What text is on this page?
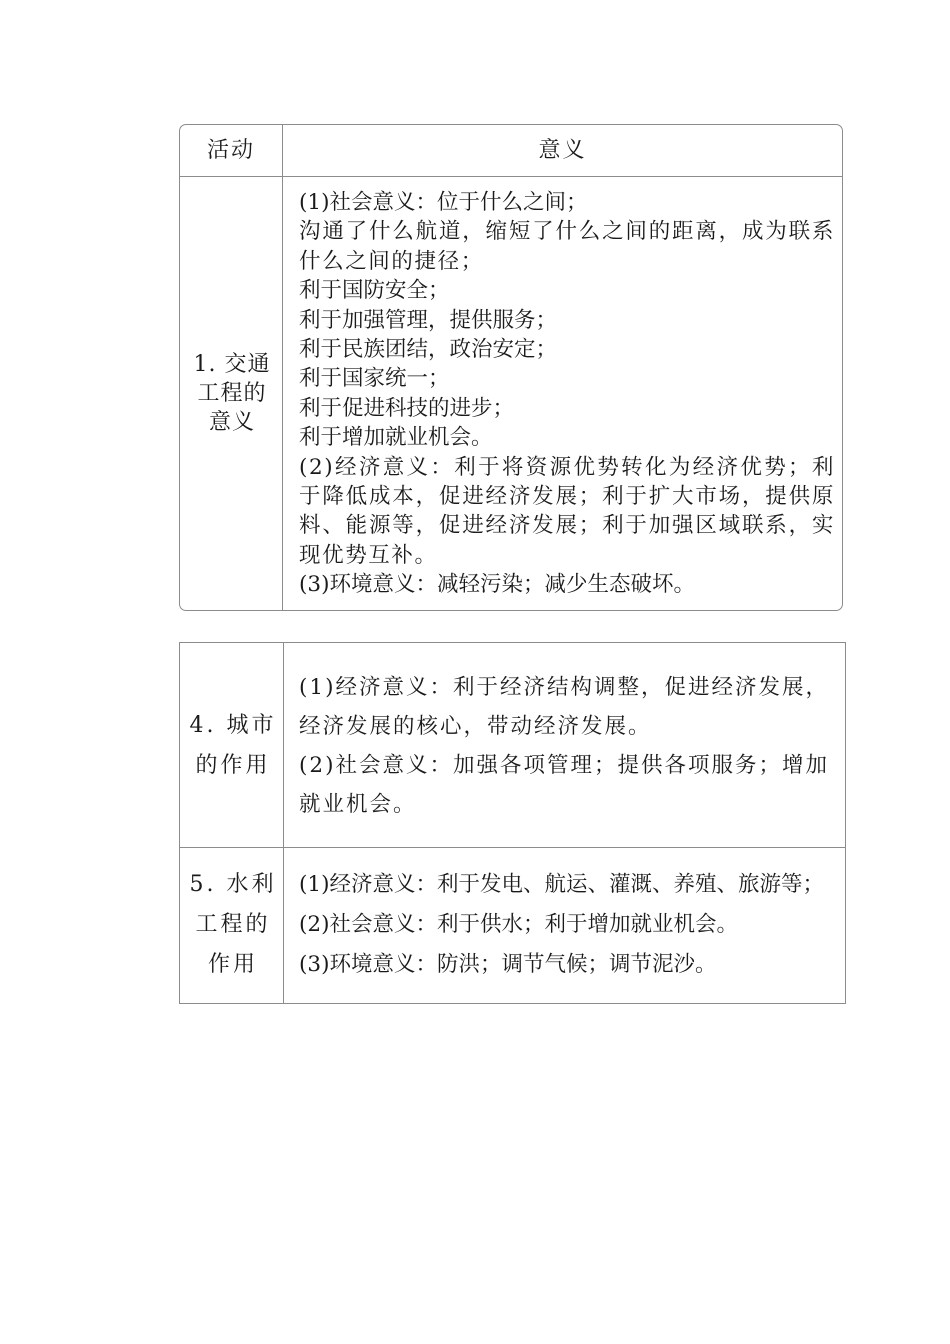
活动	意义
1. 交通
工程的
意义
(1)社会意义：位于什么之间；
沟通了什么航道，缩短了什么之间的距离，成为联系什么之间的捷径；
利于国防安全；
利于加强管理，提供服务；
利于民族团结，政治安定；
利于国家统一；
利于促进科技的进步；
利于增加就业机会。
(2)经济意义：利于将资源优势转化为经济优势；利于降低成本，促进经济发展；利于扩大市场，提供原料、能源等，促进经济发展；利于加强区域联系，实现优势互补。
(3)环境意义：减轻污染；减少生态破坏。
4. 城市
的作用
(1)经济意义：利于经济结构调整，促进经济发展，经济发展的核心，带动经济发展。
(2)社会意义：加强各项管理；提供各项服务；增加就业机会。
5. 水利
工程的
作用
(1)经济意义：利于发电、航运、灌溉、养殖、旅游等；
(2)社会意义：利于供水；利于增加就业机会。
(3)环境意义：防洪；调节气候；调节泥沙。
